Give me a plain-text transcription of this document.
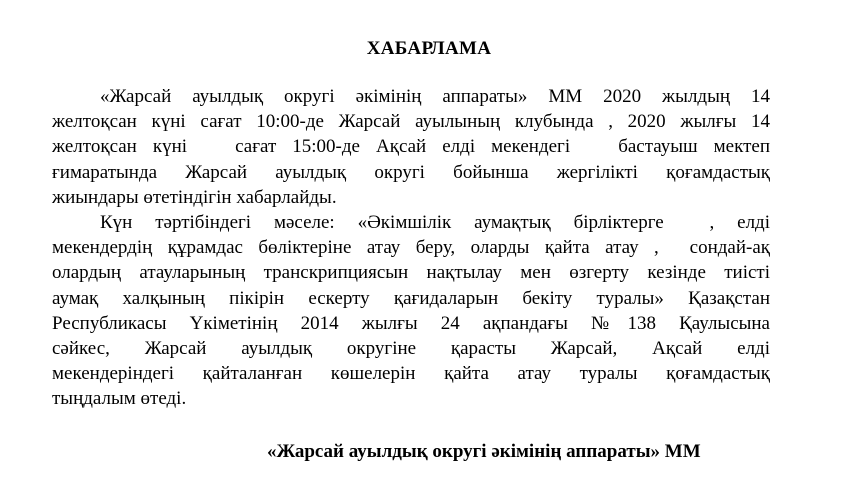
ХАБАРЛАМА
«Жарсай ауылдық округі әкімінің аппараты» ММ 2020 жылдың 14
желтоқсан күні сағат 10:00-де Жарсай ауылының клубында , 2020 жылғы 14
желтоқсан күні   сағат 15:00-де Ақсай елді мекендегі   бастауыш мектеп
ғимаратында Жарсай ауылдық округі бойынша жергілікті қоғамдастық
жиындары өтетіндігін хабарлайды.
Күн тәртібіндегі мәселе: «Әкімшілік аумақтық бірліктерге  , елді
мекендердің құрамдас бөліктеріне атау беру, оларды қайта атау ,  сондай-ақ
олардың атауларының транскрипциясын нақтылау мен өзгерту кезінде тиісті
аумақ халқының пікірін ескерту қағидаларын бекіту туралы» Қазақстан
Республикасы Үкіметінің 2014 жылғы 24 ақпандағы №138 Қаулысына
сәйкес, Жарсай ауылдық округіне қарасты Жарсай, Ақсай елді
мекендеріндегі қайталанған көшелерін қайта атау туралы қоғамдастық
тыңдалым өтеді.
«Жарсай ауылдық округі әкімінің аппараты» ММ
